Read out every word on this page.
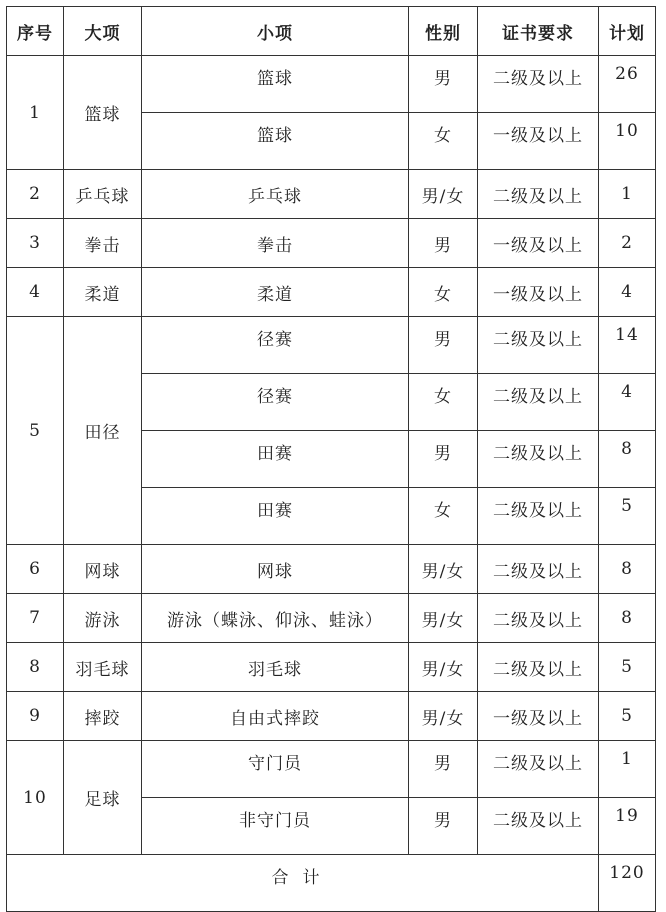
序号	大项	小项	性别	证书要求	计划
1	篮球	篮球	男	二级及以上	26
		篮球	女	一级及以上	10
2	乒乓球	乒乓球	男/女	二级及以上	1
3	拳击	拳击	男	一级及以上	2
4	柔道	柔道	女	一级及以上	4
5	田径	径赛	男	二级及以上	14
		径赛	女	二级及以上	4
		田赛	男	二级及以上	8
		田赛	女	二级及以上	5
6	网球	网球	男/女	二级及以上	8
7	游泳	游泳（蝶泳、仰泳、蛙泳）	男/女	二级及以上	8
8	羽毛球	羽毛球	男/女	二级及以上	5
9	摔跤	自由式摔跤	男/女	一级及以上	5
10	足球	守门员	男	二级及以上	1
		非守门员	男	二级及以上	19
合计					120
